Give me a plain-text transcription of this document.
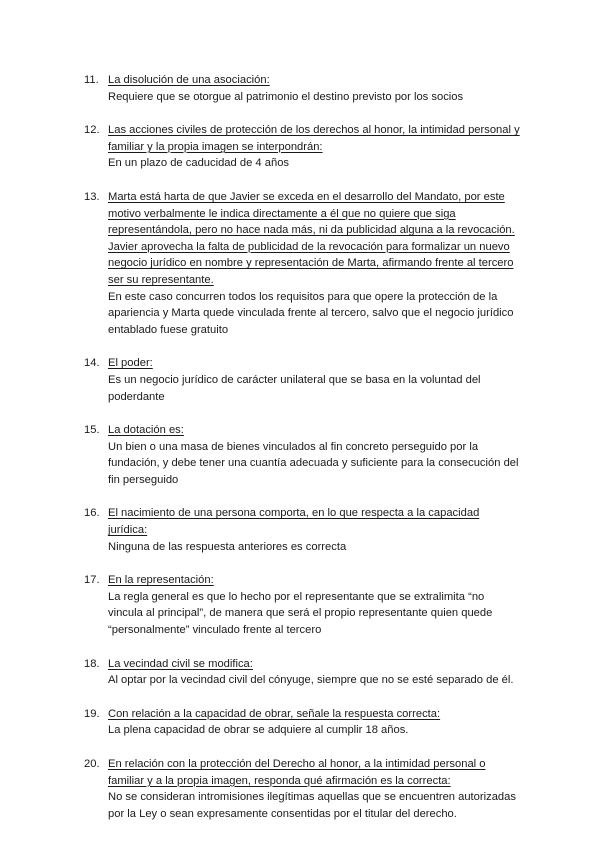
11. La disolución de una asociación:
Requiere que se otorgue al patrimonio el destino previsto por los socios
12. Las acciones civiles de protección de los derechos al honor, la intimidad personal y familiar y la propia imagen se interpondrán:
En un plazo de caducidad de 4 años
13. Marta está harta de que Javier se exceda en el desarrollo del Mandato, por este motivo verbalmente le indica directamente a él que no quiere que siga representándola, pero no hace nada más, ni da publicidad alguna a la revocación. Javier aprovecha la falta de publicidad de la revocación para formalizar un nuevo negocio jurídico en nombre y representación de Marta, afirmando frente al tercero ser su representante.
En este caso concurren todos los requisitos para que opere la protección de la apariencia y Marta quede vinculada frente al tercero, salvo que el negocio jurídico entablado fuese gratuito
14. El poder:
Es un negocio jurídico de carácter unilateral que se basa en la voluntad del poderdante
15. La dotación es:
Un bien o una masa de bienes vinculados al fin concreto perseguido por la fundación, y debe tener una cuantía adecuada y suficiente para la consecución del fin perseguido
16. El nacimiento de una persona comporta, en lo que respecta a la capacidad jurídica:
Ninguna de las respuesta anteriores es correcta
17. En la representación:
La regla general es que lo hecho por el representante que se extralimita “no vincula al principal”, de manera que será el propio representante quien quede “personalmente” vinculado frente al tercero
18. La vecindad civil se modifica:
Al optar por la vecindad civil del cónyuge, siempre que no se esté separado de él.
19. Con relación a la capacidad de obrar, señale la respuesta correcta:
La plena capacidad de obrar se adquiere al cumplir 18 años.
20. En relación con la protección del Derecho al honor, a la intimidad personal o familiar y a la propia imagen, responda qué afirmación es la correcta:
No se consideran intromisiones ilegítimas aquellas que se encuentren autorizadas por la Ley o sean expresamente consentidas por el titular del derecho.
